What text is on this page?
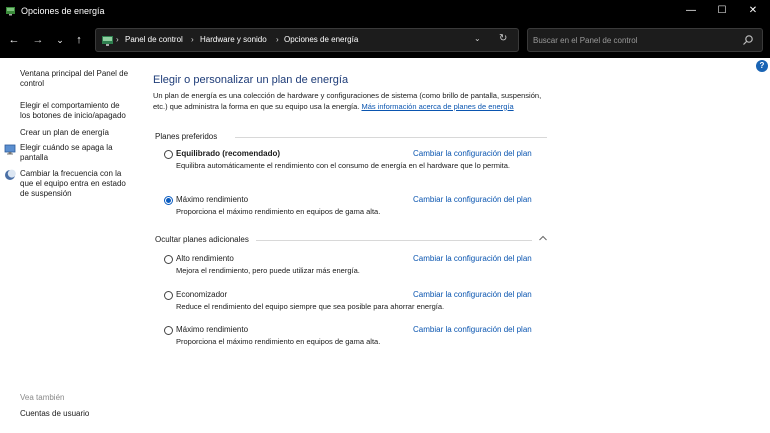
Opciones de energía	—	☐	✕
← →	⌄	↑	› Panel de control › Hardware y sonido › Opciones de energía	⌄ ↻
Buscar en el Panel de control
Ventana principal del Panel de control
Elegir el comportamiento de los botones de inicio/apagado
Crear un plan de energía
Elegir cuándo se apaga la pantalla
Cambiar la frecuencia con la que el equipo entra en estado de suspensión
Vea también
Cuentas de usuario
?
Elegir o personalizar un plan de energía
Un plan de energía es una colección de hardware y configuraciones de sistema (como brillo de pantalla, suspensión, etc.) que administra la forma en que su equipo usa la energía. Más información acerca de planes de energía
Planes preferidos
Equilibrado (recomendado)
Equilibra automáticamente el rendimiento con el consumo de energía en el hardware que lo permita.
Cambiar la configuración del plan
Máximo rendimiento
Proporciona el máximo rendimiento en equipos de gama alta.
Cambiar la configuración del plan
Ocultar planes adicionales
Alto rendimiento
Mejora el rendimiento, pero puede utilizar más energía.
Cambiar la configuración del plan
Economizador
Reduce el rendimiento del equipo siempre que sea posible para ahorrar energía.
Cambiar la configuración del plan
Máximo rendimiento
Proporciona el máximo rendimiento en equipos de gama alta.
Cambiar la configuración del plan
